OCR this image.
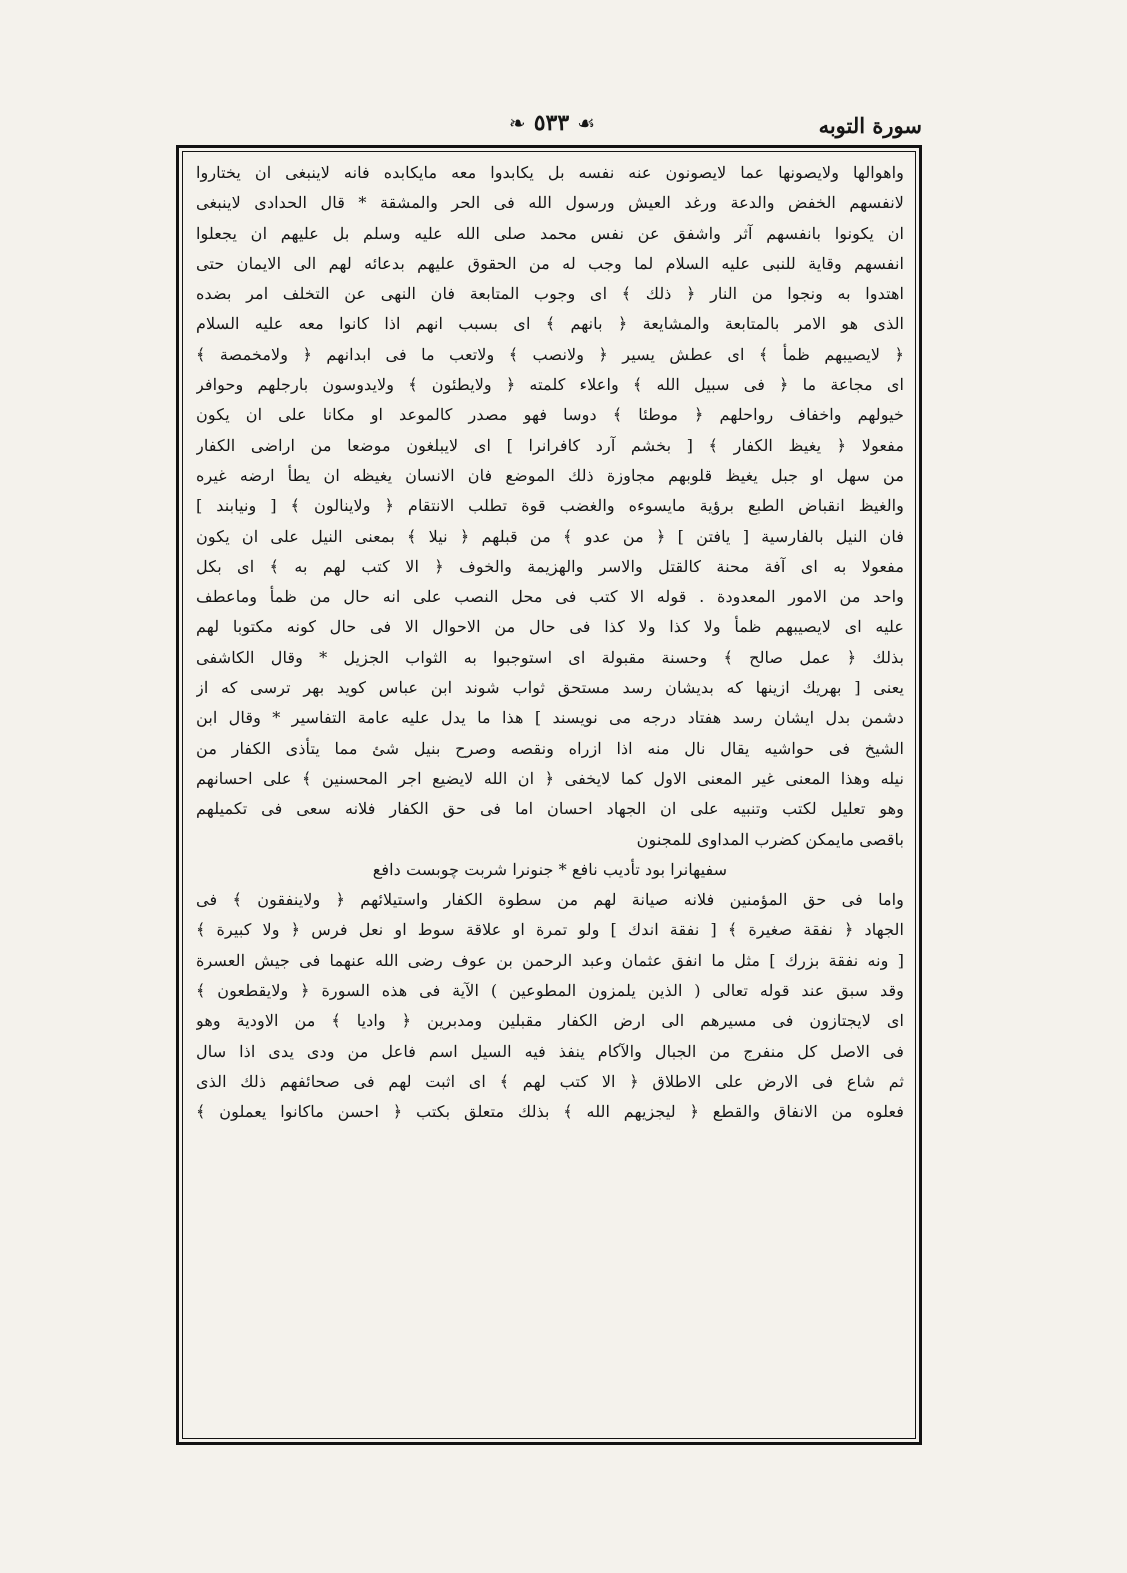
سورة التوبه
❧ ٥٣٣ ☙
واهوالها ولايصونها عما لايصونون عنه نفسه بل يكابدوا معه مايكابده فانه لاينبغى ان يختاروا
لانفسهم الخفض والدعة ورغد العيش ورسول الله فى الحر والمشقة * قال الحدادى لاينبغى
ان يكونوا بانفسهم آثر واشفق عن نفس محمد صلى الله عليه وسلم بل عليهم ان يجعلوا
انفسهم وقاية للنبى عليه السلام لما وجب له من الحقوق عليهم بدعائه لهم الى الايمان حتى
اهتدوا به ونجوا من النار ﴿ ذلك ﴾ اى وجوب المتابعة فان النهى عن التخلف امر بضده
الذى هو الامر بالمتابعة والمشايعة ﴿ بانهم ﴾ اى بسبب انهم اذا كانوا معه عليه السلام
﴿ لايصيبهم ظمأ ﴾ اى عطش يسير ﴿ ولانصب ﴾ ولاتعب ما فى ابدانهم ﴿ ولامخمصة ﴾
اى مجاعة ما ﴿ فى سبيل الله ﴾ واعلاء كلمته ﴿ ولايطئون ﴾ ولايدوسون بارجلهم وحوافر
خيولهم واخفاف رواحلهم ﴿ موطئا ﴾ دوسا فهو مصدر كالموعد او مكانا على ان يكون
مفعولا ﴿ يغيظ الكفار ﴾ [ بخشم آرد كافرانرا ] اى لايبلغون موضعا من اراضى الكفار
من سهل او جبل يغيظ قلوبهم مجاوزة ذلك الموضع فان الانسان يغيظه ان يطأ ارضه غيره
والغيظ انقباض الطبع برؤية مايسوءه والغضب قوة تطلب الانتقام ﴿ ولاينالون ﴾ [ ونيابند ]
فان النيل بالفارسية [ يافتن ] ﴿ من عدو ﴾ من قبلهم ﴿ نيلا ﴾ بمعنى النيل على ان يكون
مفعولا به اى آفة محنة كالقتل والاسر والهزيمة والخوف ﴿ الا كتب لهم به ﴾ اى بكل
واحد من الامور المعدودة . قوله الا كتب فى محل النصب على انه حال من ظمأ وماعطف
عليه اى لايصيبهم ظمأ ولا كذا ولا كذا فى حال من الاحوال الا فى حال كونه مكتوبا لهم
بذلك ﴿ عمل صالح ﴾ وحسنة مقبولة اى استوجبوا به الثواب الجزيل * وقال الكاشفى
يعنى [ بهريك ازينها كه بديشان رسد مستحق ثواب شوند ابن عباس كويد بهر ترسى كه از
دشمن بدل ايشان رسد هفتاد درجه مى نويسند ] هذا ما يدل عليه عامة التفاسير * وقال ابن
الشيخ فى حواشيه يقال نال منه اذا ازراه ونقصه وصرح بنيل شئ مما يتأذى الكفار من
نيله وهذا المعنى غير المعنى الاول كما لايخفى ﴿ ان الله لايضيع اجر المحسنين ﴾ على احسانهم
وهو تعليل لكتب وتنبيه على ان الجهاد احسان اما فى حق الكفار فلانه سعى فى تكميلهم
باقصى مايمكن كضرب المداوى للمجنون
سفيهانرا بود تأديب نافع * جنونرا شربت چوبست دافع
واما فى حق المؤمنين فلانه صيانة لهم من سطوة الكفار واستيلائهم ﴿ ولاينفقون ﴾ فى
الجهاد ﴿ نفقة صغيرة ﴾ [ نفقة اندك ] ولو تمرة او علاقة سوط او نعل فرس ﴿ ولا كبيرة ﴾
[ ونه نفقة بزرك ] مثل ما انفق عثمان وعبد الرحمن بن عوف رضى الله عنهما فى جيش العسرة
وقد سبق عند قوله تعالى ( الذين يلمزون المطوعين ) الآية فى هذه السورة ﴿ ولايقطعون ﴾
اى لايجتازون فى مسيرهم الى ارض الكفار مقبلين ومدبرين ﴿ واديا ﴾ من الاودية وهو
فى الاصل كل منفرج من الجبال والآكام ينفذ فيه السيل اسم فاعل من ودى يدى اذا سال
ثم شاع فى الارض على الاطلاق ﴿ الا كتب لهم ﴾ اى اثبت لهم فى صحائفهم ذلك الذى
فعلوه من الانفاق والقطع ﴿ ليجزيهم الله ﴾ بذلك متعلق بكتب ﴿ احسن ماكانوا يعملون ﴾
